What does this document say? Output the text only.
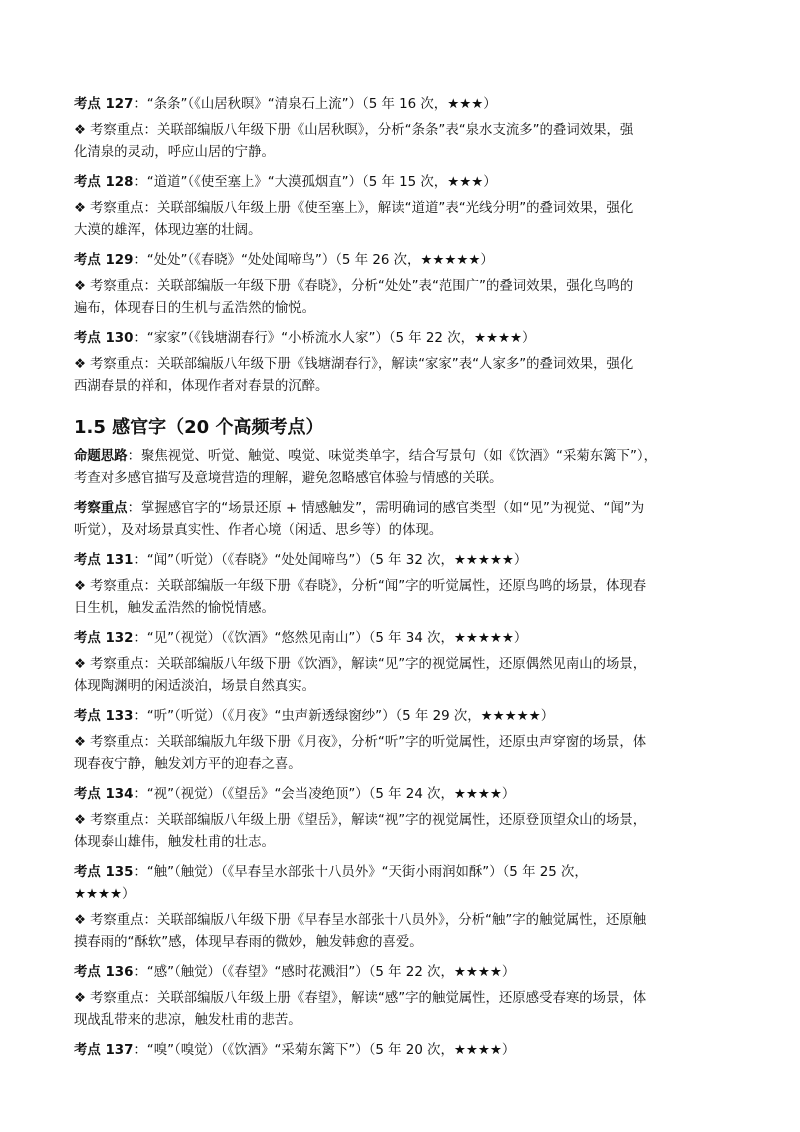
考点 127：“条条”（《山居秋暝》“清泉石上流”）（5 年 16 次，★★★）
❖ 考察重点：关联部编版八年级下册《山居秋暝》，分析“条条”表“泉水支流多”的叠词效果，强
化清泉的灵动，呼应山居的宁静。
考点 128：“道道”（《使至塞上》“大漠孤烟直”）（5 年 15 次，★★★）
❖ 考察重点：关联部编版八年级上册《使至塞上》，解读“道道”表“光线分明”的叠词效果，强化
大漠的雄浑，体现边塞的壮阔。
考点 129：“处处”（《春晓》“处处闻啼鸟”）（5 年 26 次，★★★★★）
❖ 考察重点：关联部编版一年级下册《春晓》，分析“处处”表“范围广”的叠词效果，强化鸟鸣的
遍布，体现春日的生机与孟浩然的愉悦。
考点 130：“家家”（《钱塘湖春行》“小桥流水人家”）（5 年 22 次，★★★★）
❖ 考察重点：关联部编版八年级下册《钱塘湖春行》，解读“家家”表“人家多”的叠词效果，强化
西湖春景的祥和，体现作者对春景的沉醉。
1.5 感官字（20 个高频考点）
命题思路：聚焦视觉、听觉、触觉、嗅觉、味觉类单字，结合写景句（如《饮酒》“采菊东篱下”），
考查对多感官描写及意境营造的理解，避免忽略感官体验与情感的关联。
考察重点：掌握感官字的“场景还原 + 情感触发”，需明确词的感官类型（如“见”为视觉、“闻”为
听觉），及对场景真实性、作者心境（闲适、思乡等）的体现。
考点 131：“闻”（听觉）（《春晓》“处处闻啼鸟”）（5 年 32 次，★★★★★）
❖ 考察重点：关联部编版一年级下册《春晓》，分析“闻”字的听觉属性，还原鸟鸣的场景，体现春
日生机，触发孟浩然的愉悦情感。
考点 132：“见”（视觉）（《饮酒》“悠然见南山”）（5 年 34 次，★★★★★）
❖ 考察重点：关联部编版八年级下册《饮酒》，解读“见”字的视觉属性，还原偶然见南山的场景，
体现陶渊明的闲适淡泊，场景自然真实。
考点 133：“听”（听觉）（《月夜》“虫声新透绿窗纱”）（5 年 29 次，★★★★★）
❖ 考察重点：关联部编版九年级下册《月夜》，分析“听”字的听觉属性，还原虫声穿窗的场景，体
现春夜宁静，触发刘方平的迎春之喜。
考点 134：“视”（视觉）（《望岳》“会当凌绝顶”）（5 年 24 次，★★★★）
❖ 考察重点：关联部编版八年级上册《望岳》，解读“视”字的视觉属性，还原登顶望众山的场景，
体现泰山雄伟，触发杜甫的壮志。
考点 135：“触”（触觉）（《早春呈水部张十八员外》“天街小雨润如酥”）（5 年 25 次，
★★★★）
❖ 考察重点：关联部编版八年级下册《早春呈水部张十八员外》，分析“触”字的触觉属性，还原触
摸春雨的“酥软”感，体现早春雨的微妙，触发韩愈的喜爱。
考点 136：“感”（触觉）（《春望》“感时花溅泪”）（5 年 22 次，★★★★）
❖ 考察重点：关联部编版八年级上册《春望》，解读“感”字的触觉属性，还原感受春寒的场景，体
现战乱带来的悲凉，触发杜甫的悲苦。
考点 137：“嗅”（嗅觉）（《饮酒》“采菊东篱下”）（5 年 20 次，★★★★）
